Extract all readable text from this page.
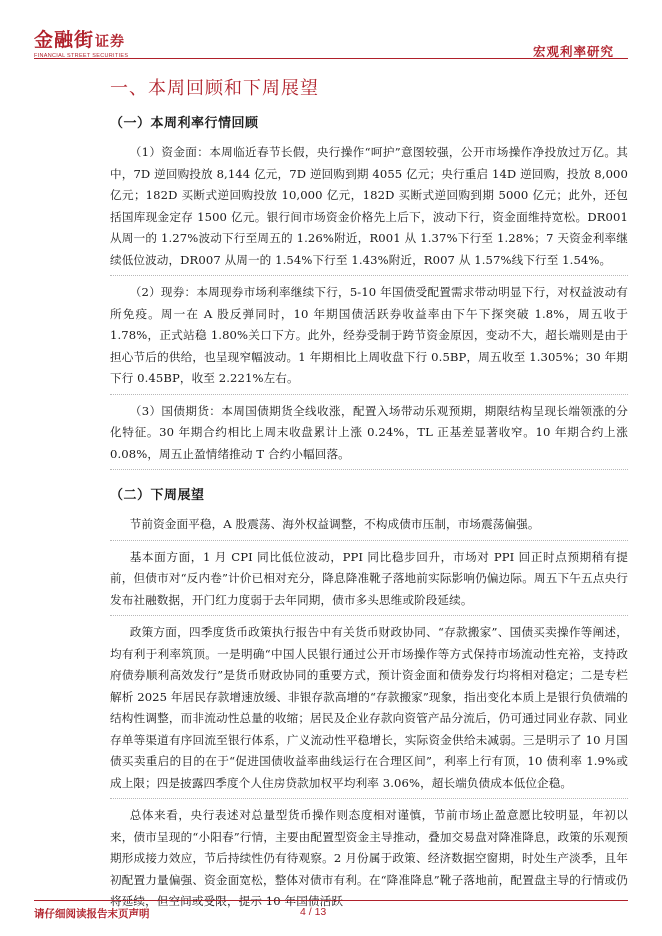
金融街证券
FINANCIAL STREET SECURITIES	宏观利率研究
一、本周回顾和下周展望
（一）本周利率行情回顾

（1）资金面：本周临近春节长假，央行操作“呵护”意图较强，公开市场操作净投放过万亿。其中，7D 逆回购投放 8,144 亿元，7D 逆回购到期 4055 亿元；央行重启 14D 逆回购，投放 8,000 亿元；182D 买断式逆回购投放 10,000 亿元，182D 买断式逆回购到期 5000 亿元；此外，还包括国库现金定存 1500 亿元。银行间市场资金价格先上后下，波动下行，资金面维持宽松。DR001 从周一的 1.27%波动下行至周五的 1.26%附近，R001 从 1.37%下行至 1.28%；7 天资金利率继续低位波动，DR007 从周一的 1.54%下行至 1.43%附近，R007 从 1.57%线下行至 1.54%。

（2）现券：本周现券市场利率继续下行，5-10 年国债受配置需求带动明显下行，对权益波动有所免疫。周一在 A 股反弹同时，10 年期国债活跃券收益率由下午下探突破 1.8%，周五收于 1.78%，正式站稳 1.80%关口下方。此外，经券受制于跨节资金原因，变动不大，超长端则是由于担心节后的供给，也呈现窄幅波动。1 年期相比上周收盘下行 0.5BP，周五收至 1.305%；30 年期下行 0.45BP，收至 2.221%左右。

（3）国债期货：本周国债期货全线收涨，配置入场带动乐观预期，期限结构呈现长端领涨的分化特征。30 年期合约相比上周末收盘累计上涨 0.24%，TL 正基差显著收窄。10 年期合约上涨 0.08%，周五止盈情绪推动 T 合约小幅回落。

（二）下周展望

节前资金面平稳，A 股震荡、海外权益调整，不构成债市压制，市场震荡偏强。

基本面方面，1 月 CPI 同比低位波动，PPI 同比稳步回升，市场对 PPI 回正时点预期稍有提前，但债市对“反内卷”计价已相对充分，降息降准靴子落地前实际影响仍偏边际。周五下午五点央行发布社融数据，开门红力度弱于去年同期，债市多头思维或阶段延续。

政策方面，四季度货币政策执行报告中有关货币财政协同、“存款搬家”、国债买卖操作等阐述，均有利于利率筑顶。一是明确“中国人民银行通过公开市场操作等方式保持市场流动性充裕，支持政府债券顺利高效发行”是货币财政协同的重要方式，预计资金面和债券发行均将相对稳定；二是专栏解析 2025 年居民存款增速放缓、非银存款高增的“存款搬家”现象，指出变化本质上是银行负债端的结构性调整，而非流动性总量的收缩；居民及企业存款向资管产品分流后，仍可通过同业存款、同业存单等渠道有序回流至银行体系，广义流动性平稳增长，实际资金供给未减弱。三是明示了 10 月国债买卖重启的目的在于“促进国债收益率曲线运行在合理区间”，利率上行有顶，10 债利率 1.9%或成上限；四是披露四季度个人住房贷款加权平均利率 3.06%，超长端负债成本低位企稳。

总体来看，央行表述对总量型货币操作则态度相对谨慎，节前市场止盈意愿比较明显，年初以来，债市呈现的“小阳春”行情，主要由配置型资金主导推动，叠加交易盘对降准降息，政策的乐观预期形成接力效应，节后持续性仍有待观察。2 月份属于政策、经济数据空窗期，时处生产淡季，且年初配置力量偏强、资金面宽松，整体对债市有利。在“降准降息”靴子落地前，配置盘主导的行情或仍将延续，但空间或受限，提示 10 年国债活跃

请仔细阅读报告末页声明	4 / 13
